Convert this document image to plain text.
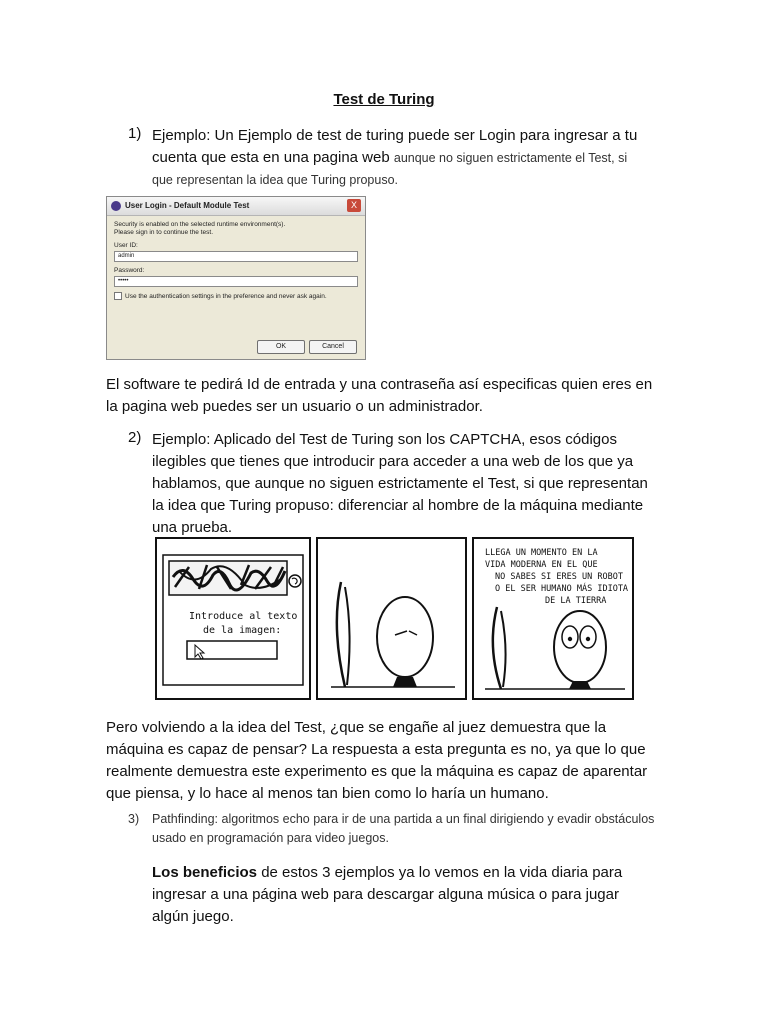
Test de Turing
1) Ejemplo: Un Ejemplo de test de turing puede ser Login para ingresar a tu cuenta que esta en una pagina web aunque no siguen estrictamente el Test, si que representan la idea que Turing propuso.

User Login - Default Module Test	X
Security is enabled on the selected runtime environment(s).
Please sign in to continue the test.
User ID:
admin
Password:
•••••
Use the authentication settings in the preference and never ask again.
OK	Cancel

El software te pedirá Id de entrada y una contraseña así especificas quien eres en la pagina web puedes ser un usuario o un administrador.

2) Ejemplo: Aplicado del Test de Turing son los CAPTCHA, esos códigos ilegibles que tienes que introducir para acceder a una web de los que ya hablamos, que aunque no siguen estrictamente el Test, si que representan la idea que Turing propuso: diferenciar al hombre de la máquina mediante una prueba.

Introduce al texto
de la imagen:
LLEGA UN MOMENTO EN LA
VIDA MODERNA EN EL QUE
NO SABES SI ERES UN ROBOT
O EL SER HUMANO MÁS IDIOTA
DE LA TIERRA

Pero volviendo a la idea del Test, ¿que se engañe al juez demuestra que la máquina es capaz de pensar? La respuesta a esta pregunta es no, ya que lo que realmente demuestra este experimento es que la máquina es capaz de aparentar que piensa, y lo hace al menos tan bien como lo haría un humano.

3) Pathfinding: algoritmos echo para ir de una partida a un final dirigiendo y evadir obstáculos usado en programación para video juegos.

Los beneficios de estos 3 ejemplos ya lo vemos en la vida diaria para ingresar a una página web para descargar alguna música o para jugar algún juego.
